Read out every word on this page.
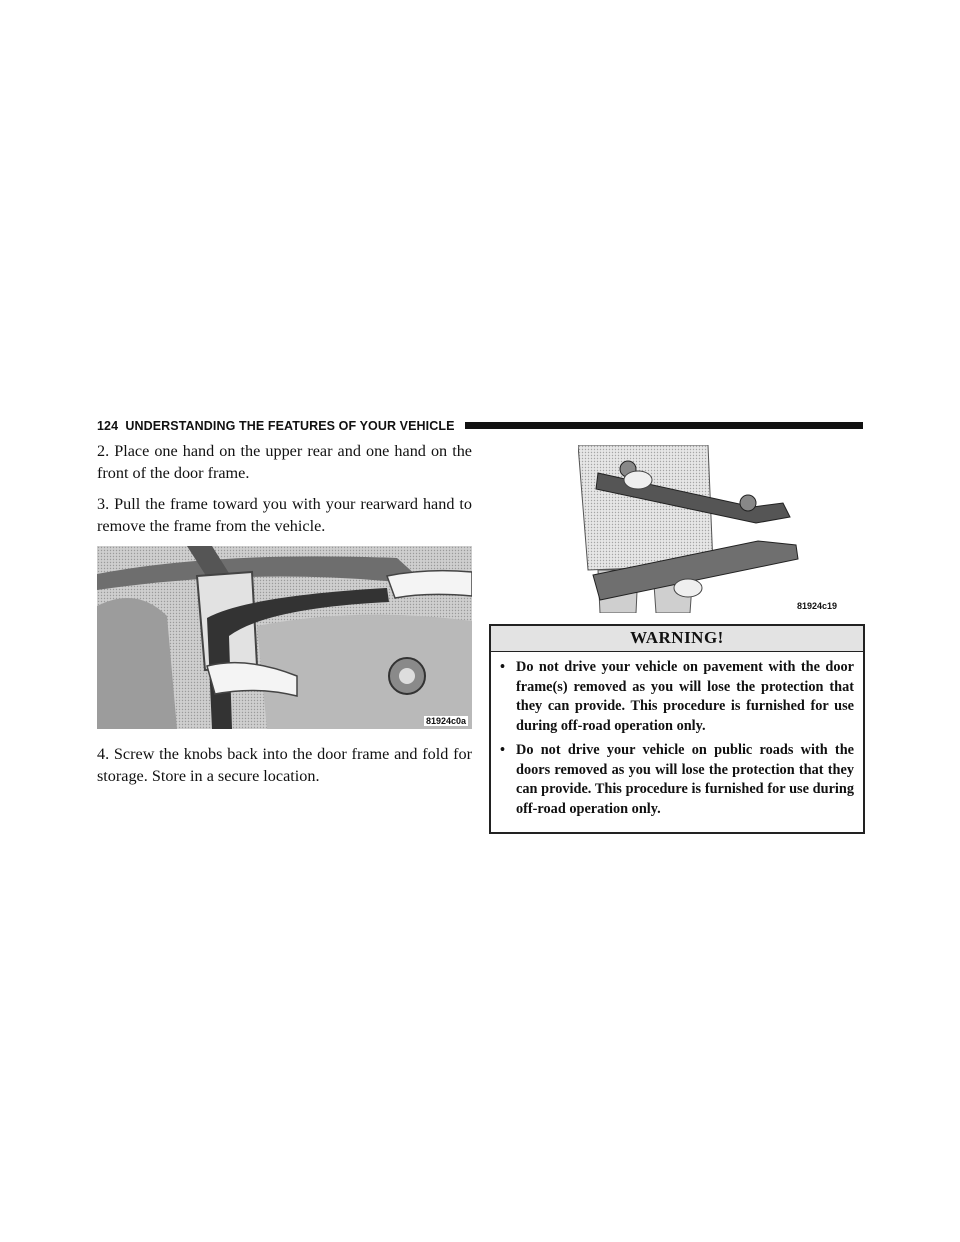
124 UNDERSTANDING THE FEATURES OF YOUR VEHICLE

2. Place one hand on the upper rear and one hand on the front of the door frame.

3. Pull the frame toward you with your rearward hand to remove the frame from the vehicle.

81924c0a

4. Screw the knobs back into the door frame and fold for storage. Store in a secure location.

81924c19
WARNING!
• Do not drive your vehicle on pavement with the door frame(s) removed as you will lose the protection that they can provide. This procedure is furnished for use during off-road operation only.
• Do not drive your vehicle on public roads with the doors removed as you will lose the protection that they can provide. This procedure is furnished for use during off-road operation only.
